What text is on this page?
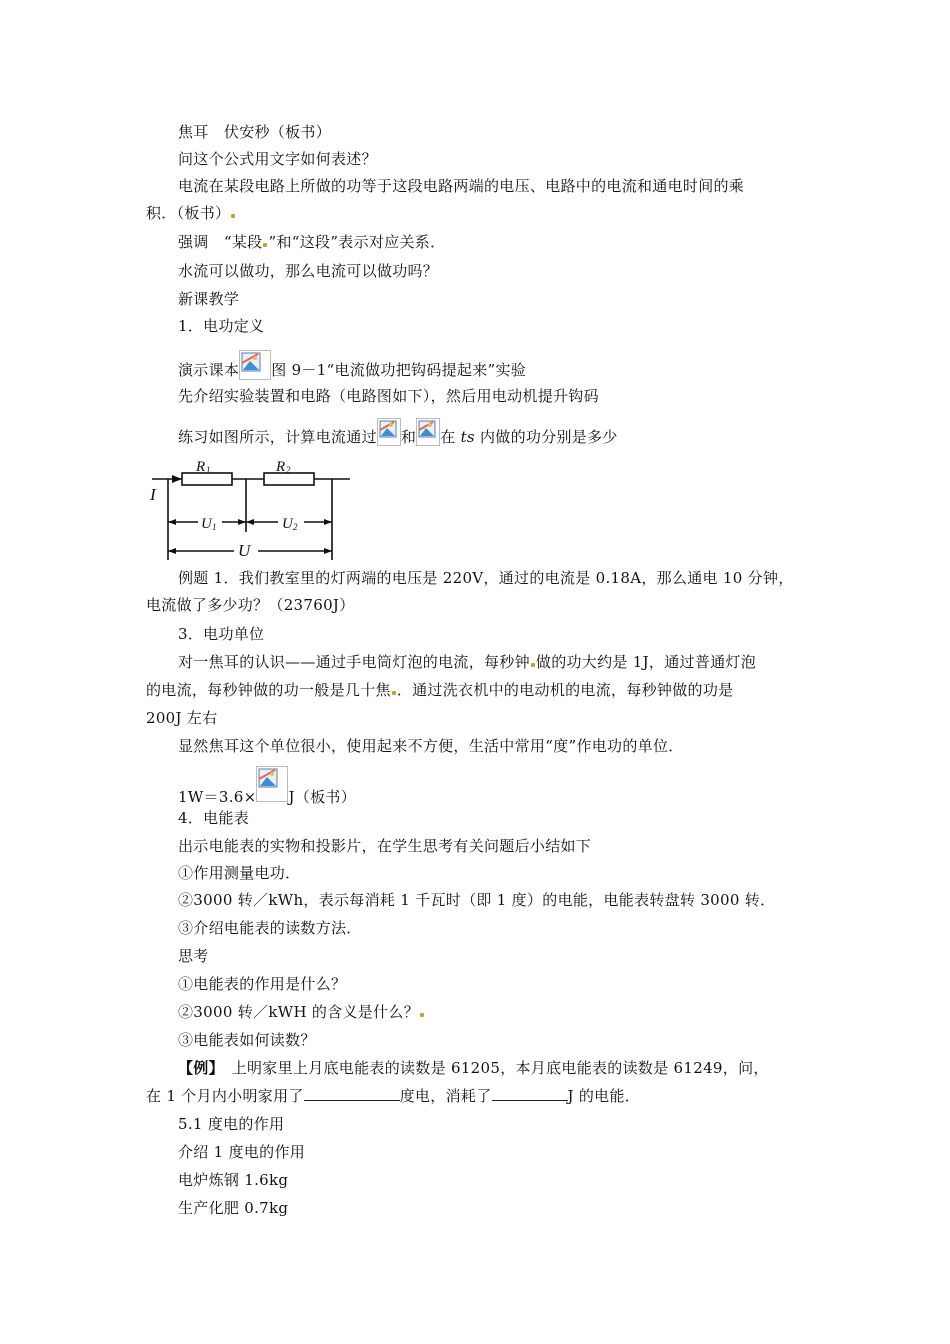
焦耳　伏安秒（板书）
问这个公式用文字如何表述？
电流在某段电路上所做的功等于这段电路两端的电压、电路中的电流和通电时间的乘
积．（板书）
强调　“某段 ”和“这段”表示对应关系．
水流可以做功，那么电流可以做功吗？
新课教学
1．电功定义
演示课本 图 9－1“电流做功把钩码提起来”实验
先介绍实验装置和电路（电路图如下），然后用电动机提升钩码
练习如图所示，计算电流通过 和 在 ts 内做的功分别是多少
R 1	R 2
I
U 1	U 2
U
例题 1．我们教室里的灯两端的电压是 220V，通过的电流是 0.18A，那么通电 10 分钟，
电流做了多少功？（23760J）
3．电功单位
对一焦耳的认识——通过手电筒灯泡的电流，每秒钟 做的功大约是 1J，通过普通灯泡
的电流，每秒钟做的功一般是几十焦 ．通过洗衣机中的电动机的电流，每秒钟做的功是
200J 左右
显然焦耳这个单位很小，使用起来不方便，生活中常用“度”作电功的单位．
1W＝3.6× J（板书）
4．电能表
出示电能表的实物和投影片，在学生思考有关问题后小结如下
①作用测量电功．
②3000 转／kWh，表示每消耗 1 千瓦时（即 1 度）的电能，电能表转盘转 3000 转．
③介绍电能表的读数方法．
思考
①电能表的作用是什么？
②3000 转／kWH 的含义是什么？
③电能表如何读数？
【例】　上明家里上月底电能表的读数是 61205，本月底电能表的读数是 61249，问，
在 1 个月内小明家用了	度电，消耗了	J 的电能．
5.1 度电的作用
介绍 1 度电的作用
电炉炼钢 1.6kg
生产化肥 0.7kg
